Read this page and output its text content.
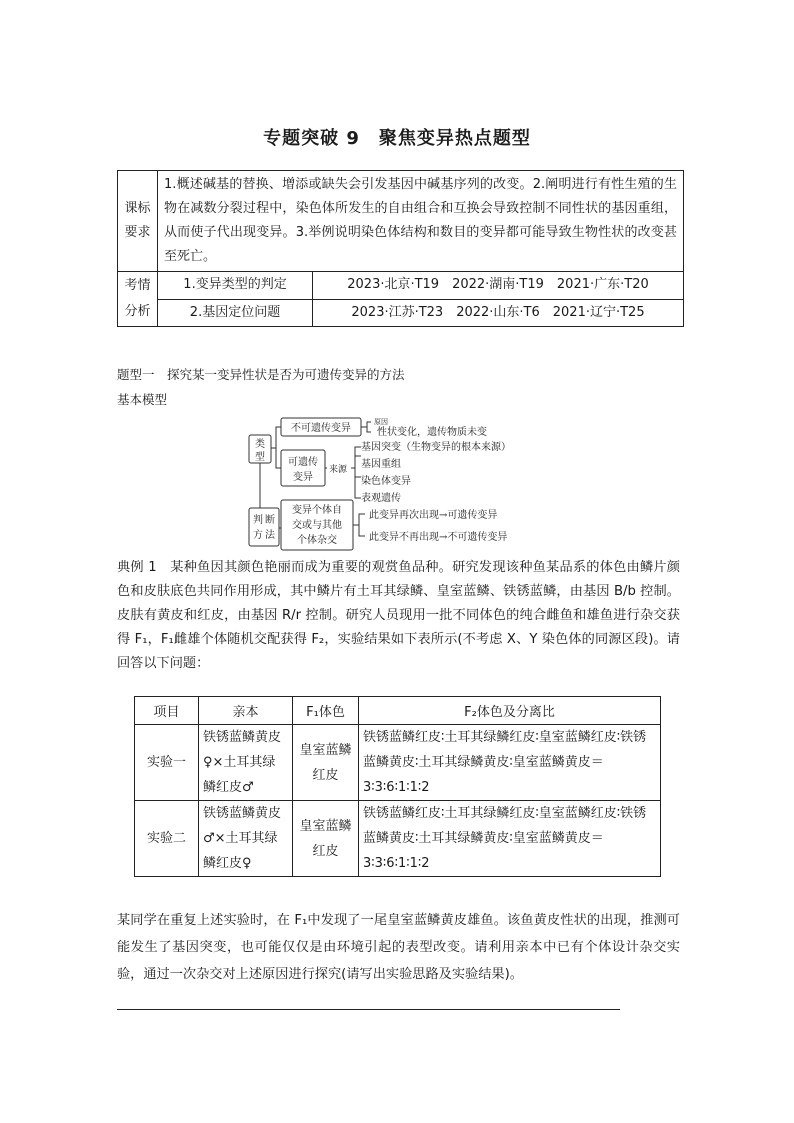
专题突破 9　聚焦变异热点题型
课标
要求	1.概述碱基的替换、增添或缺失会引发基因中碱基序列的改变。2.阐明进行有性生殖的生物在减数分裂过程中，染色体所发生的自由组合和互换会导致控制不同性状的基因重组，从而使子代出现变异。3.举例说明染色体结构和数目的变异都可能导致生物性状的改变甚至死亡。	

考情
分析	1.变异类型的判定	2023·北京·T19　2022·湖南·T19　2021·广东·T20
	2.基因定位问题	2023·江苏·T23　2022·山东·T6　2021·辽宁·T25
题型一　探究某一变异性状是否为可遗传变异的方法
基本模型
类
型
判 断
方 法
不可遗传变异
原因
性状变化，遗传物质未变
可遗传
变异
来源
基因突变（生物变异的根本来源）
基因重组
染色体变异
表观遗传
变异个体自
交或与其他
个体杂交
此变异再次出现→可遗传变异
此变异不再出现→不可遗传变异
典例 1　某种鱼因其颜色艳丽而成为重要的观赏鱼品种。研究发现该种鱼某品系的体色由鳞片颜色和皮肤底色共同作用形成，其中鳞片有土耳其绿鳞、皇室蓝鳞、铁锈蓝鳞，由基因 B/b 控制。皮肤有黄皮和红皮，由基因 R/r 控制。研究人员现用一批不同体色的纯合雌鱼和雄鱼进行杂交获得 F₁，F₁雌雄个体随机交配获得 F₂，实验结果如下表所示(不考虑 X、Y 染色体的同源区段)。请回答以下问题：
项目	亲本	F₁体色	F₂体色及分离比
实验一	铁锈蓝鳞黄皮♀×土耳其绿鳞红皮♂	皇室蓝鳞红皮	铁锈蓝鳞红皮∶土耳其绿鳞红皮∶皇室蓝鳞红皮∶铁锈蓝鳞黄皮∶土耳其绿鳞黄皮∶皇室蓝鳞黄皮＝3∶3∶6∶1∶1∶2
实验二	铁锈蓝鳞黄皮♂×土耳其绿鳞红皮♀	皇室蓝鳞红皮	铁锈蓝鳞红皮∶土耳其绿鳞红皮∶皇室蓝鳞红皮∶铁锈蓝鳞黄皮∶土耳其绿鳞黄皮∶皇室蓝鳞黄皮＝3∶3∶6∶1∶1∶2
某同学在重复上述实验时，在 F₁中发现了一尾皇室蓝鳞黄皮雄鱼。该鱼黄皮性状的出现，推测可能发生了基因突变，也可能仅仅是由环境引起的表型改变。请利用亲本中已有个体设计杂交实验，通过一次杂交对上述原因进行探究(请写出实验思路及实验结果)。
